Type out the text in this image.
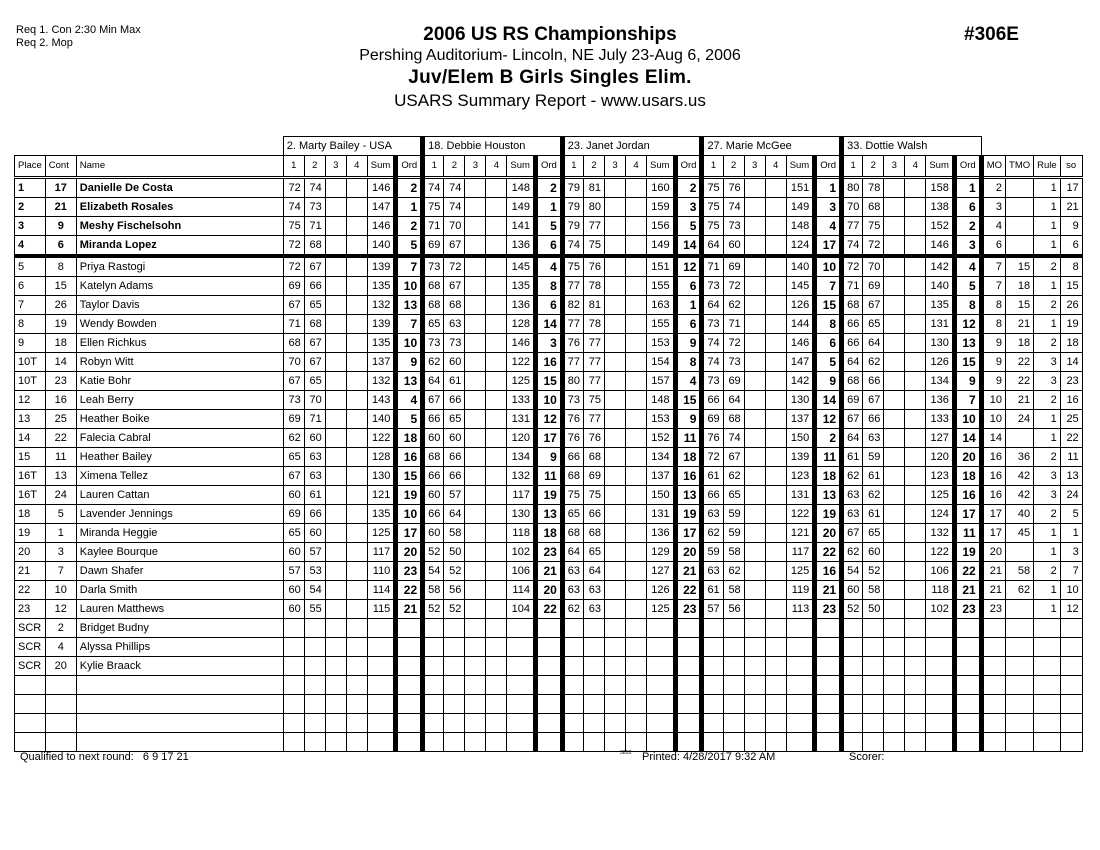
Req 1. Con 2:30 Min Max
Req 2. Mop	2006 US RS Championships
Pershing Auditorium- Lincoln, NE July 23-Aug 6, 2006
Juv/Elem B Girls Singles Elim.
USARS Summary Report - www.usars.us
#306E
			2. Marty Bailey - USA						18. Debbie Houston						23. Janet Jordan						27. Marie McGee						33. Dottie Walsh									
Place	Cont	Name	1	2	3	4	Sum	Ord	1	2	3	4	Sum	Ord	1	2	3	4	Sum	Ord	1	2	3	4	Sum	Ord	1	2	3	4	Sum	Ord	MO	TMO	Rule	so
1	17	Danielle De Costa	72	74			146	2	74	74			148	2	79	81			160	2	75	76			151	1	80	78			158	1	2		1	17
2	21	Elizabeth Rosales	74	73			147	1	75	74			149	1	79	80			159	3	75	74			149	3	70	68			138	6	3		1	21
3	9	Meshy Fischelsohn	75	71			146	2	71	70			141	5	79	77			156	5	75	73			148	4	77	75			152	2	4		1	9
4	6	Miranda Lopez	72	68			140	5	69	67			136	6	74	75			149	14	64	60			124	17	74	72			146	3	6		1	6
5	8	Priya Rastogi	72	67			139	7	73	72			145	4	75	76			151	12	71	69			140	10	72	70			142	4	7	15	2	8
6	15	Katelyn Adams	69	66			135	10	68	67			135	8	77	78			155	6	73	72			145	7	71	69			140	5	7	18	1	15
7	26	Taylor Davis	67	65			132	13	68	68			136	6	82	81			163	1	64	62			126	15	68	67			135	8	8	15	2	26
8	19	Wendy Bowden	71	68			139	7	65	63			128	14	77	78			155	6	73	71			144	8	66	65			131	12	8	21	1	19
9	18	Ellen Richkus	68	67			135	10	73	73			146	3	76	77			153	9	74	72			146	6	66	64			130	13	9	18	2	18
10T	14	Robyn Witt	70	67			137	9	62	60			122	16	77	77			154	8	74	73			147	5	64	62			126	15	9	22	3	14
10T	23	Katie Bohr	67	65			132	13	64	61			125	15	80	77			157	4	73	69			142	9	68	66			134	9	9	22	3	23
12	16	Leah Berry	73	70			143	4	67	66			133	10	73	75			148	15	66	64			130	14	69	67			136	7	10	21	2	16
13	25	Heather Boike	69	71			140	5	66	65			131	12	76	77			153	9	69	68			137	12	67	66			133	10	10	24	1	25
14	22	Falecia Cabral	62	60			122	18	60	60			120	17	76	76			152	11	76	74			150	2	64	63			127	14	14		1	22
15	11	Heather Bailey	65	63			128	16	68	66			134	9	66	68			134	18	72	67			139	11	61	59			120	20	16	36	2	11
16T	13	Ximena Tellez	67	63			130	15	66	66			132	11	68	69			137	16	61	62			123	18	62	61			123	18	16	42	3	13
16T	24	Lauren Cattan	60	61			121	19	60	57			117	19	75	75			150	13	66	65			131	13	63	62			125	16	16	42	3	24
18	5	Lavender Jennings	69	66			135	10	66	64			130	13	65	66			131	19	63	59			122	19	63	61			124	17	17	40	2	5
19	1	Miranda Heggie	65	60			125	17	60	58			118	18	68	68			136	17	62	59			121	20	67	65			132	11	17	45	1	1
20	3	Kaylee Bourque	60	57			117	20	52	50			102	23	64	65			129	20	59	58			117	22	62	60			122	19	20		1	3
21	7	Dawn Shafer	57	53			110	23	54	52			106	21	63	64			127	21	63	62			125	16	54	52			106	22	21	58	2	7
22	10	Darla Smith	60	54			114	22	58	56			114	20	63	63			126	22	61	58			119	21	60	58			118	21	21	62	1	10
23	12	Lauren Matthews	60	55			115	21	52	52			104	22	62	63			125	23	57	56			113	23	52	50			102	23	23		1	12
SCR	2	Bridget Budny																																		
SCR	4	Alyssa Phillips																																		
SCR	20	Kylie Braack																																		

Qualified to next round: 6 9 17 21	3818 Printed: 4/28/2017 9:32 AM	Scorer:
